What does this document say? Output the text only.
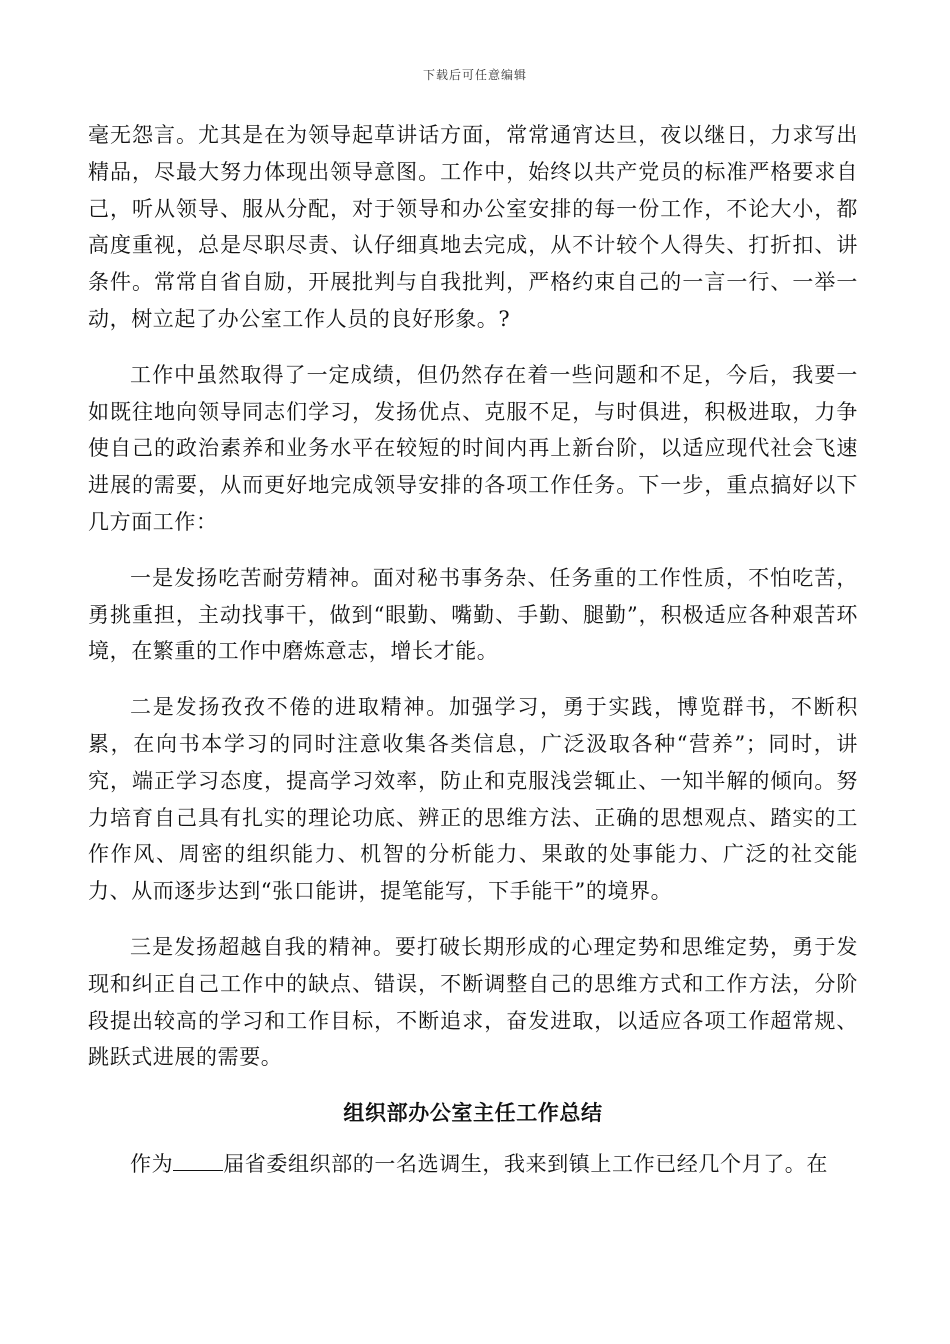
下载后可任意编辑

毫无怨言。尤其是在为领导起草讲话方面，常常通宵达旦，夜以继日，力求写出精品，尽最大努力体现出领导意图。工作中，始终以共产党员的标准严格要求自己，听从领导、服从分配，对于领导和办公室安排的每一份工作，不论大小，都高度重视，总是尽职尽责、认仔细真地去完成，从不计较个人得失、打折扣、讲条件。常常自省自励，开展批判与自我批判，严格约束自己的一言一行、一举一动，树立起了办公室工作人员的良好形象。?

工作中虽然取得了一定成绩，但仍然存在着一些问题和不足，今后，我要一如既往地向领导同志们学习，发扬优点、克服不足，与时俱进，积极进取，力争使自己的政治素养和业务水平在较短的时间内再上新台阶，以适应现代社会飞速进展的需要，从而更好地完成领导安排的各项工作任务。下一步，重点搞好以下几方面工作：

一是发扬吃苦耐劳精神。面对秘书事务杂、任务重的工作性质，不怕吃苦，勇挑重担，主动找事干，做到“眼勤、嘴勤、手勤、腿勤”，积极适应各种艰苦环境，在繁重的工作中磨炼意志，增长才能。

二是发扬孜孜不倦的进取精神。加强学习，勇于实践，博览群书，不断积累，在向书本学习的同时注意收集各类信息，广泛汲取各种“营养”；同时，讲究，端正学习态度，提高学习效率，防止和克服浅尝辄止、一知半解的倾向。努力培育自己具有扎实的理论功底、辨正的思维方法、正确的思想观点、踏实的工作作风、周密的组织能力、机智的分析能力、果敢的处事能力、广泛的社交能力、从而逐步达到“张口能讲，提笔能写，下手能干”的境界。

三是发扬超越自我的精神。要打破长期形成的心理定势和思维定势，勇于发现和纠正自己工作中的缺点、错误，不断调整自己的思维方式和工作方法，分阶段提出较高的学习和工作目标，不断追求，奋发进取，以适应各项工作超常规、跳跃式进展的需要。

组织部办公室主任工作总结

作为 届省委组织部的一名选调生，我来到镇上工作已经几个月了。在
